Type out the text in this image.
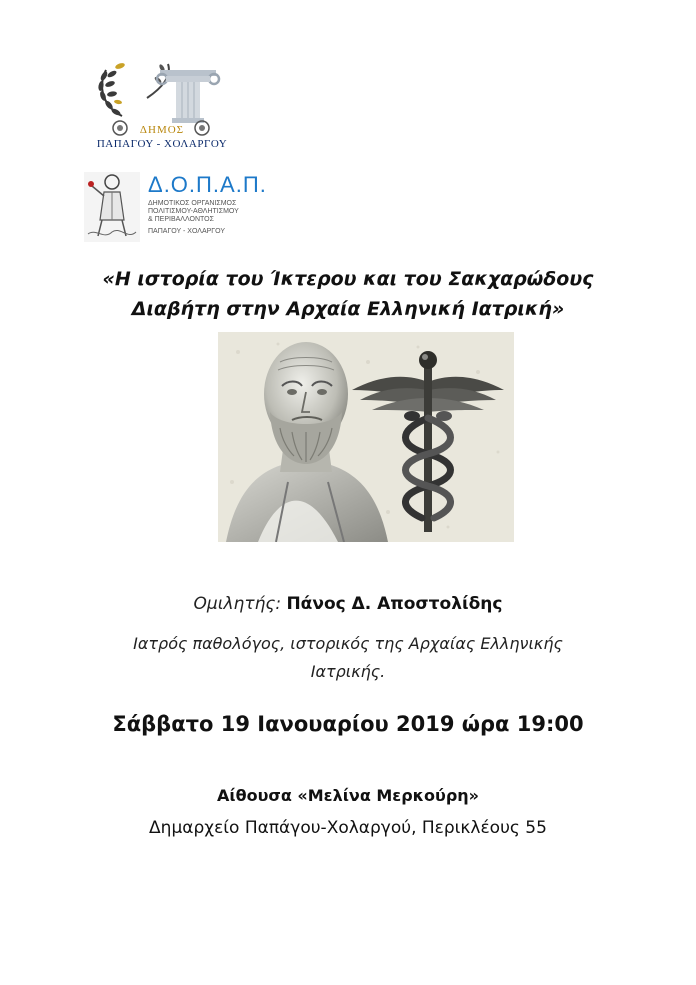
ΔΗΜΟΣ
ΠΑΠΑΓΟΥ - ΧΟΛΑΡΓΟΥ
Δ.Ο.Π.Α.Π.
ΔΗΜΟΤΙΚΟΣ ΟΡΓΑΝΙΣΜΟΣ
ΠΟΛΙΤΙΣΜΟΥ-ΑΘΛΗΤΙΣΜΟΥ
& ΠΕΡΙΒΑΛΛΟΝΤΟΣ
ΠΑΠΑΓΟΥ - ΧΟΛΑΡΓΟΥ
«Η ιστορία του Ίκτερου και του Σακχαρώδους
Διαβήτη στην Αρχαία Ελληνική Ιατρική»
Ομιλητής: Πάνος Δ. Αποστολίδης
Ιατρός παθολόγος, ιστορικός της Αρχαίας Ελληνικής
Ιατρικής.
Σάββατο 19 Ιανουαρίου 2019 ώρα 19:00
Αίθουσα «Μελίνα Μερκούρη»
Δημαρχείο Παπάγου-Χολαργού, Περικλέους 55
